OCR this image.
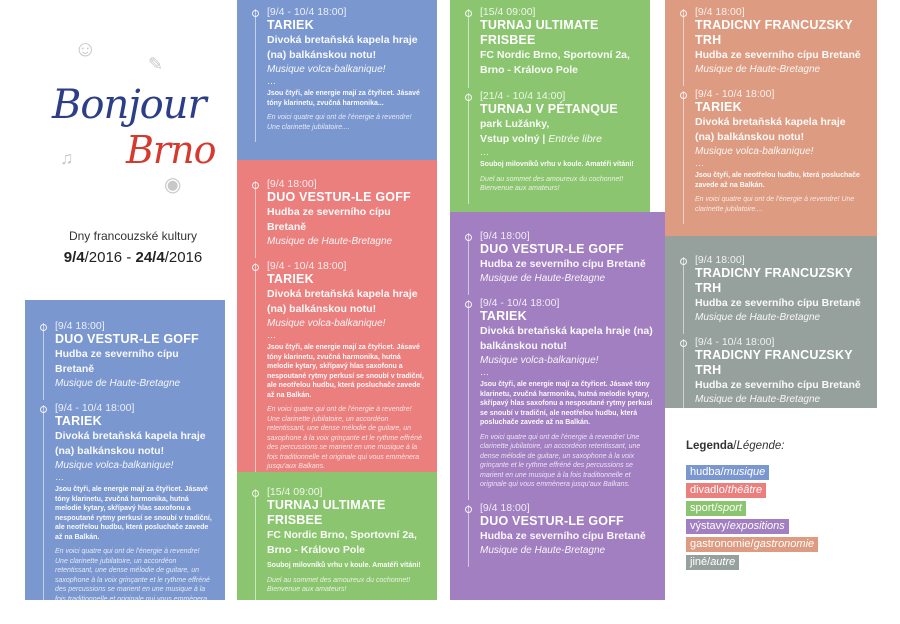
☺
✎
♫
◉
Bonjour
Brno
Dny francouzské kultury
9/4/2016 - 24/4/2016
[9/4 18:00]
DUO VESTUR-LE GOFF
Hudba ze severního cípu Bretaně
Musique de Haute-Bretagne
[9/4 - 10/4 18:00]
TARIEK
Divoká bretaňská kapela hraje (na) balkánskou notu!
Musique volca-balkanique!
…
Jsou čtyři, ale energie mají za čtyřicet. Jásavé tóny klarinetu, zvučná harmonika, hutná melodie kytary, skřípavý hlas saxofonu a nespoutané rytmy perkusí se snoubí v tradiční, ale neotřelou hudbu, která posluchače zavede až na Balkán.
En voici quatre qui ont de l'énergie à revendre! Une clarinette jubilatoire, un accordéon retentissant, une dense mélodie de guitare, un saxophone à la voix grinçante et le rythme effréné des percussions se marient en une musique à la fois traditionnelle et originale qui vous emmènera jusqu'aux Balkans.
[9/4 - 10/4 18:00]
TARIEK
Divoká bretaňská kapela hraje (na) balkánskou notu!
Musique volca-balkanique!
…
Jsou čtyři, ale energie mají za čtyřicet. Jásavé tóny klarinetu, zvučná harmonika...
En voici quatre qui ont de l'énergie à revendre! Une clarinette jubilatoire....
[9/4 18:00]
DUO VESTUR-LE GOFF
Hudba ze severního cípu Bretaně
Musique de Haute-Bretagne
[9/4 - 10/4 18:00]
TARIEK
Divoká bretaňská kapela hraje (na) balkánskou notu!
Musique volca-balkanique!
…
Jsou čtyři, ale energie mají za čtyřicet. Jásavé tóny klarinetu, zvučná harmonika, hutná melodie kytary, skřípavý hlas saxofonu a nespoutané rytmy perkusí se snoubí v tradiční, ale neotřelou hudbu, která posluchače zavede až na Balkán.
En voici quatre qui ont de l'énergie à revendre! Une clarinette jubilatoire, un accordéon retentissant, une dense mélodie de guitare, un saxophone à la voix grinçante et le rythme effréné des percussions se marient en une musique à la fois traditionnelle et originale qui vous emmènera jusqu'aux Balkans.
[15/4 09:00]
TURNAJ ULTIMATE FRISBEE
FC Nordic Brno, Sportovní 2a, Brno - Královo Pole
Souboj milovníků vrhu v koule. Amatéři vítáni!
Duel au sommet des amoureux du cochonnet! Bienvenue aux amateurs!
[15/4 09:00]
TURNAJ ULTIMATE FRISBEE
FC Nordic Brno, Sportovní 2a, Brno - Královo Pole
[21/4 - 10/4 14:00]
TURNAJ V PÉTANQUE
park Lužánky,
Vstup volný | Entrée libre
…
Souboj milovníků vrhu v koule. Amatéři vítáni!
Duel au sommet des amoureux du cochonnet! Bienvenue aux amateurs!
[9/4 18:00]
DUO VESTUR-LE GOFF
Hudba ze severního cípu Bretaně
Musique de Haute-Bretagne
[9/4 - 10/4 18:00]
TARIEK
Divoká bretaňská kapela hraje (na) balkánskou notu!
Musique volca-balkanique!
…
Jsou čtyři, ale energie mají za čtyřicet. Jásavé tóny klarinetu, zvučná harmonika, hutná melodie kytary, skřípavý hlas saxofonu a nespoutané rytmy perkusí se snoubí v tradiční, ale neotřelou hudbu, která posluchače zavede až na Balkán.
En voici quatre qui ont de l'énergie à revendre! Une clarinette jubilatoire, un accordéon retentissant, une dense mélodie de guitare, un saxophone à la voix grinçante et le rythme effréné des percussions se marient en une musique à la fois traditionnelle et originale qui vous emmènera jusqu'aux Balkans.
[9/4 18:00]
DUO VESTUR-LE GOFF
Hudba ze severního cípu Bretaně
Musique de Haute-Bretagne
[9/4 18:00]
TRADICNY FRANCUZSKY TRH
Hudba ze severního cípu Bretaně
Musique de Haute-Bretagne
[9/4 - 10/4 18:00]
TARIEK
Divoká bretaňská kapela hraje (na) balkánskou notu!
Musique volca-balkanique!
…
Jsou čtyři, ale neotřelou hudbu, která posluchače zavede až na Balkán.
En voici quatre qui ont de l'énergie à revendre! Une clarinette jubilatoire....
[9/4 18:00]
TRADICNY FRANCUZSKY TRH
Hudba ze severního cípu Bretaně
Musique de Haute-Bretagne
[9/4 - 10/4 18:00]
TRADICNY FRANCUZSKY TRH
Hudba ze severního cípu Bretaně
Musique de Haute-Bretagne
Legenda/Légende:
hudba/musique
divadlo/théâtre
sport/sport
výstavy/expositions
gastronomie/gastronomie
jiné/autre
